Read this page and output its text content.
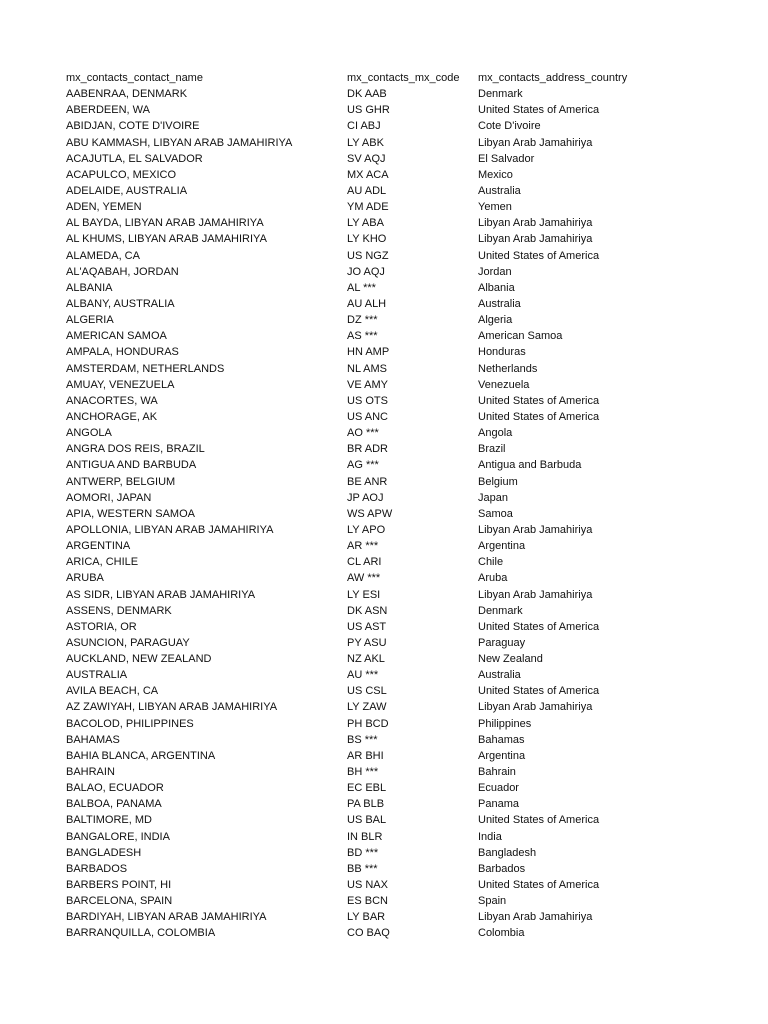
mx_contacts_contact_name	mx_contacts_mx_code	mx_contacts_address_country
AABENRAA, DENMARK	DK AAB	Denmark
ABERDEEN, WA	US GHR	United States of America
ABIDJAN, COTE D'IVOIRE	CI ABJ	Cote D'ivoire
ABU KAMMASH, LIBYAN ARAB JAMAHIRIYA	LY ABK	Libyan Arab Jamahiriya
ACAJUTLA, EL SALVADOR	SV AQJ	El Salvador
ACAPULCO, MEXICO	MX ACA	Mexico
ADELAIDE, AUSTRALIA	AU ADL	Australia
ADEN, YEMEN	YM ADE	Yemen
AL BAYDA, LIBYAN ARAB JAMAHIRIYA	LY ABA	Libyan Arab Jamahiriya
AL KHUMS, LIBYAN ARAB JAMAHIRIYA	LY KHO	Libyan Arab Jamahiriya
ALAMEDA, CA	US NGZ	United States of America
AL'AQABAH, JORDAN	JO AQJ	Jordan
ALBANIA	AL ***	Albania
ALBANY, AUSTRALIA	AU ALH	Australia
ALGERIA	DZ ***	Algeria
AMERICAN SAMOA	AS ***	American Samoa
AMPALA, HONDURAS	HN AMP	Honduras
AMSTERDAM, NETHERLANDS	NL AMS	Netherlands
AMUAY, VENEZUELA	VE AMY	Venezuela
ANACORTES, WA	US OTS	United States of America
ANCHORAGE, AK	US ANC	United States of America
ANGOLA	AO ***	Angola
ANGRA DOS REIS, BRAZIL	BR ADR	Brazil
ANTIGUA AND BARBUDA	AG ***	Antigua and Barbuda
ANTWERP, BELGIUM	BE ANR	Belgium
AOMORI, JAPAN	JP AOJ	Japan
APIA, WESTERN SAMOA	WS APW	Samoa
APOLLONIA, LIBYAN ARAB JAMAHIRIYA	LY APO	Libyan Arab Jamahiriya
ARGENTINA	AR ***	Argentina
ARICA, CHILE	CL ARI	Chile
ARUBA	AW ***	Aruba
AS SIDR, LIBYAN ARAB JAMAHIRIYA	LY ESI	Libyan Arab Jamahiriya
ASSENS, DENMARK	DK ASN	Denmark
ASTORIA, OR	US AST	United States of America
ASUNCION, PARAGUAY	PY ASU	Paraguay
AUCKLAND, NEW ZEALAND	NZ AKL	New Zealand
AUSTRALIA	AU ***	Australia
AVILA BEACH, CA	US CSL	United States of America
AZ ZAWIYAH, LIBYAN ARAB JAMAHIRIYA	LY ZAW	Libyan Arab Jamahiriya
BACOLOD, PHILIPPINES	PH BCD	Philippines
BAHAMAS	BS ***	Bahamas
BAHIA BLANCA, ARGENTINA	AR BHI	Argentina
BAHRAIN	BH ***	Bahrain
BALAO, ECUADOR	EC EBL	Ecuador
BALBOA, PANAMA	PA BLB	Panama
BALTIMORE, MD	US BAL	United States of America
BANGALORE, INDIA	IN BLR	India
BANGLADESH	BD ***	Bangladesh
BARBADOS	BB ***	Barbados
BARBERS POINT, HI	US NAX	United States of America
BARCELONA, SPAIN	ES BCN	Spain
BARDIYAH, LIBYAN ARAB JAMAHIRIYA	LY BAR	Libyan Arab Jamahiriya
BARRANQUILLA, COLOMBIA	CO BAQ	Colombia
